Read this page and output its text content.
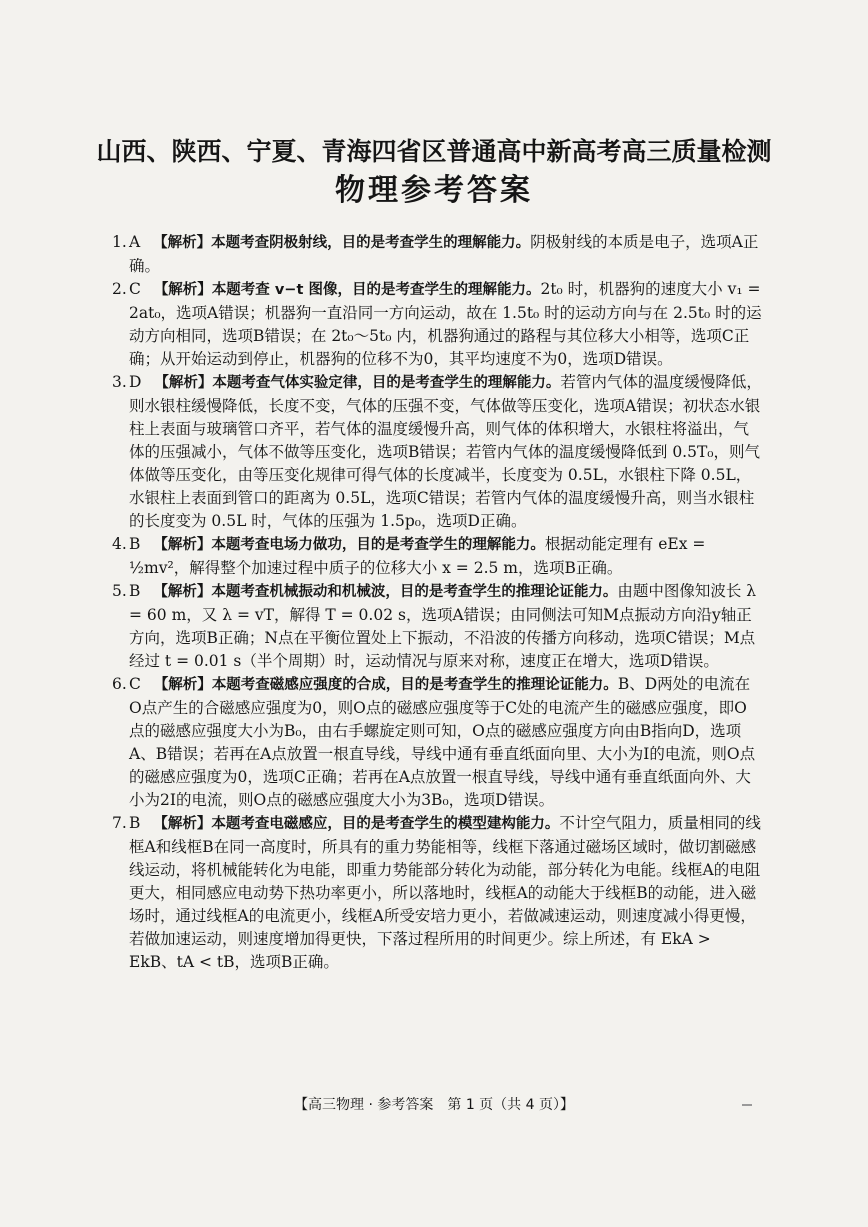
山西、陕西、宁夏、青海四省区普通高中新高考高三质量检测
物理参考答案
1. A 【解析】本题考查阴极射线，目的是考查学生的理解能力。阴极射线的本质是电子，选项A正确。
2. C 【解析】本题考查 v−t 图像，目的是考查学生的理解能力。2t₀ 时，机器狗的速度大小 v₁ = 2at₀，选项A错误；机器狗一直沿同一方向运动，故在 1.5t₀ 时的运动方向与在 2.5t₀ 时的运动方向相同，选项B错误；在 2t₀～5t₀ 内，机器狗通过的路程与其位移大小相等，选项C正确；从开始运动到停止，机器狗的位移不为0，其平均速度不为0，选项D错误。
3. D 【解析】本题考查气体实验定律，目的是考查学生的理解能力。若管内气体的温度缓慢降低，则水银柱缓慢降低，长度不变，气体的压强不变，气体做等压变化，选项A错误；初状态水银柱上表面与玻璃管口齐平，若气体的温度缓慢升高，则气体的体积增大，水银柱将溢出，气体的压强减小，气体不做等压变化，选项B错误；若管内气体的温度缓慢降低到 0.5T₀，则气体做等压变化，由等压变化规律可得气体的长度减半，长度变为 0.5L，水银柱下降 0.5L，水银柱上表面到管口的距离为 0.5L，选项C错误；若管内气体的温度缓慢升高，则当水银柱的长度变为 0.5L 时，气体的压强为 1.5p₀，选项D正确。
4. B 【解析】本题考查电场力做功，目的是考查学生的理解能力。根据动能定理有 eEx = ½mv²，解得整个加速过程中质子的位移大小 x = 2.5 m，选项B正确。
5. B 【解析】本题考查机械振动和机械波，目的是考查学生的推理论证能力。由题中图像知波长 λ = 60 m，又 λ = vT，解得 T = 0.02 s，选项A错误；由同侧法可知M点振动方向沿y轴正方向，选项B正确；N点在平衡位置处上下振动，不沿波的传播方向移动，选项C错误；M点经过 t = 0.01 s（半个周期）时，运动情况与原来对称，速度正在增大，选项D错误。
6. C 【解析】本题考查磁感应强度的合成，目的是考查学生的推理论证能力。B、D两处的电流在O点产生的合磁感应强度为0，则O点的磁感应强度等于C处的电流产生的磁感应强度，即O点的磁感应强度大小为B₀，由右手螺旋定则可知，O点的磁感应强度方向由B指向D，选项A、B错误；若再在A点放置一根直导线，导线中通有垂直纸面向里、大小为I的电流，则O点的磁感应强度为0，选项C正确；若再在A点放置一根直导线，导线中通有垂直纸面向外、大小为2I的电流，则O点的磁感应强度大小为3B₀，选项D错误。
7. B 【解析】本题考查电磁感应，目的是考查学生的模型建构能力。不计空气阻力，质量相同的线框A和线框B在同一高度时，所具有的重力势能相等，线框下落通过磁场区域时，做切割磁感线运动，将机械能转化为电能，即重力势能部分转化为动能，部分转化为电能。线框A的电阻更大，相同感应电动势下热功率更小，所以落地时，线框A的动能大于线框B的动能，进入磁场时，通过线框A的电流更小，线框A所受安培力更小，若做减速运动，则速度减小得更慢，若做加速运动，则速度增加得更快，下落过程所用的时间更少。综上所述，有 EkA > EkB、tA < tB，选项B正确。
【高三物理 · 参考答案　第 1 页（共 4 页）】
